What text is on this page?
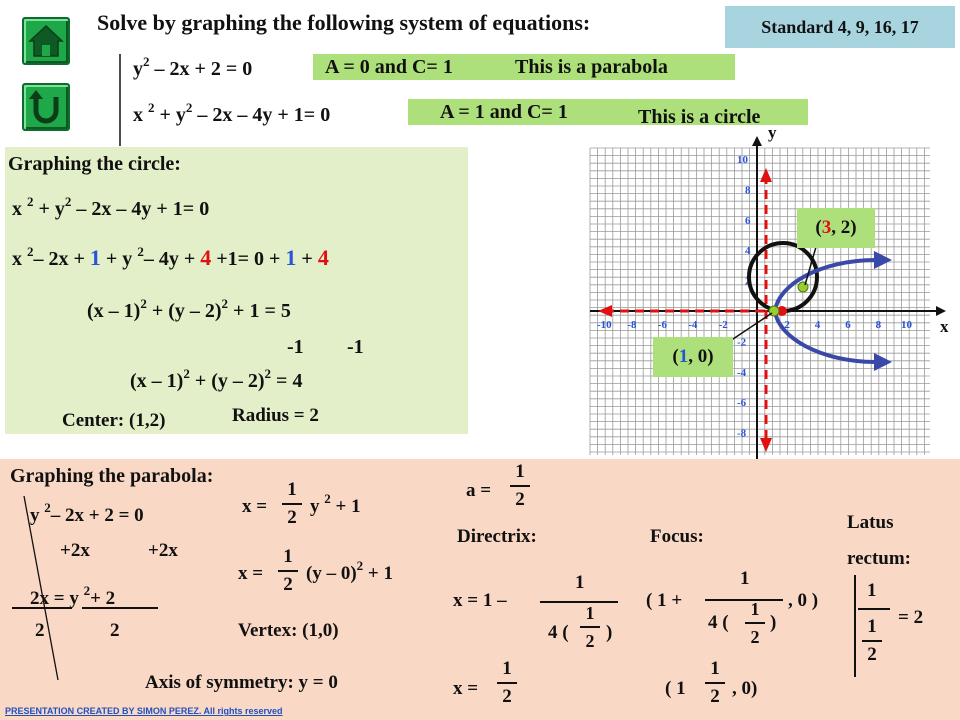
Solve by graphing the following system of equations:	Standard 4, 9, 16, 17
$y^2 - 2x + 2 = 0$
x $^2 + y^2 - 2x - 4y + 1= 0$
A = 0 and C= 1	This is a parabola
A = 1 and C= 1	This is a circle
Graphing the circle:
x $^2 + y^2 - 2x - 4y + 1= 0$
x $^2$– 2x + 1 + y $^2$– 4y + 4 +1= 0 + 1 + 4
(x – 1)$^2$ + (y – 2)$^2$ + 1 = 5
-1 -1
(x – 1)$^2$ + (y – 2)$^2$ = 4
Center: (1,2)	Radius = 2
-10 -8 -6 -4 -2	2 4 6 8 10
10
8
6
4
2
-2
-4
-6
-8
x
y
(3, 2)
(1, 0)
Graphing the parabola:
y $^2$– 2x + 2 = 0
+2x	+2x
2x = y $^2$+ 2
2	2
x =
1
2
y $^2$ + 1
x =
1
2
(y – 0)$^2$ + 1
Vertex: (1,0)
Axis of symmetry: y = 0
a =
1
2
Directrix:
x = 1 –
1
4 (
1
2 )
x =
1
2
Focus:
( 1 +
1
, 0 )
4 (
1
2
)
( 1
1
2 , 0)
Latus
rectum:
1
1
2
= 2
PRESENTATION CREATED BY SIMON PEREZ. All rights reserved
